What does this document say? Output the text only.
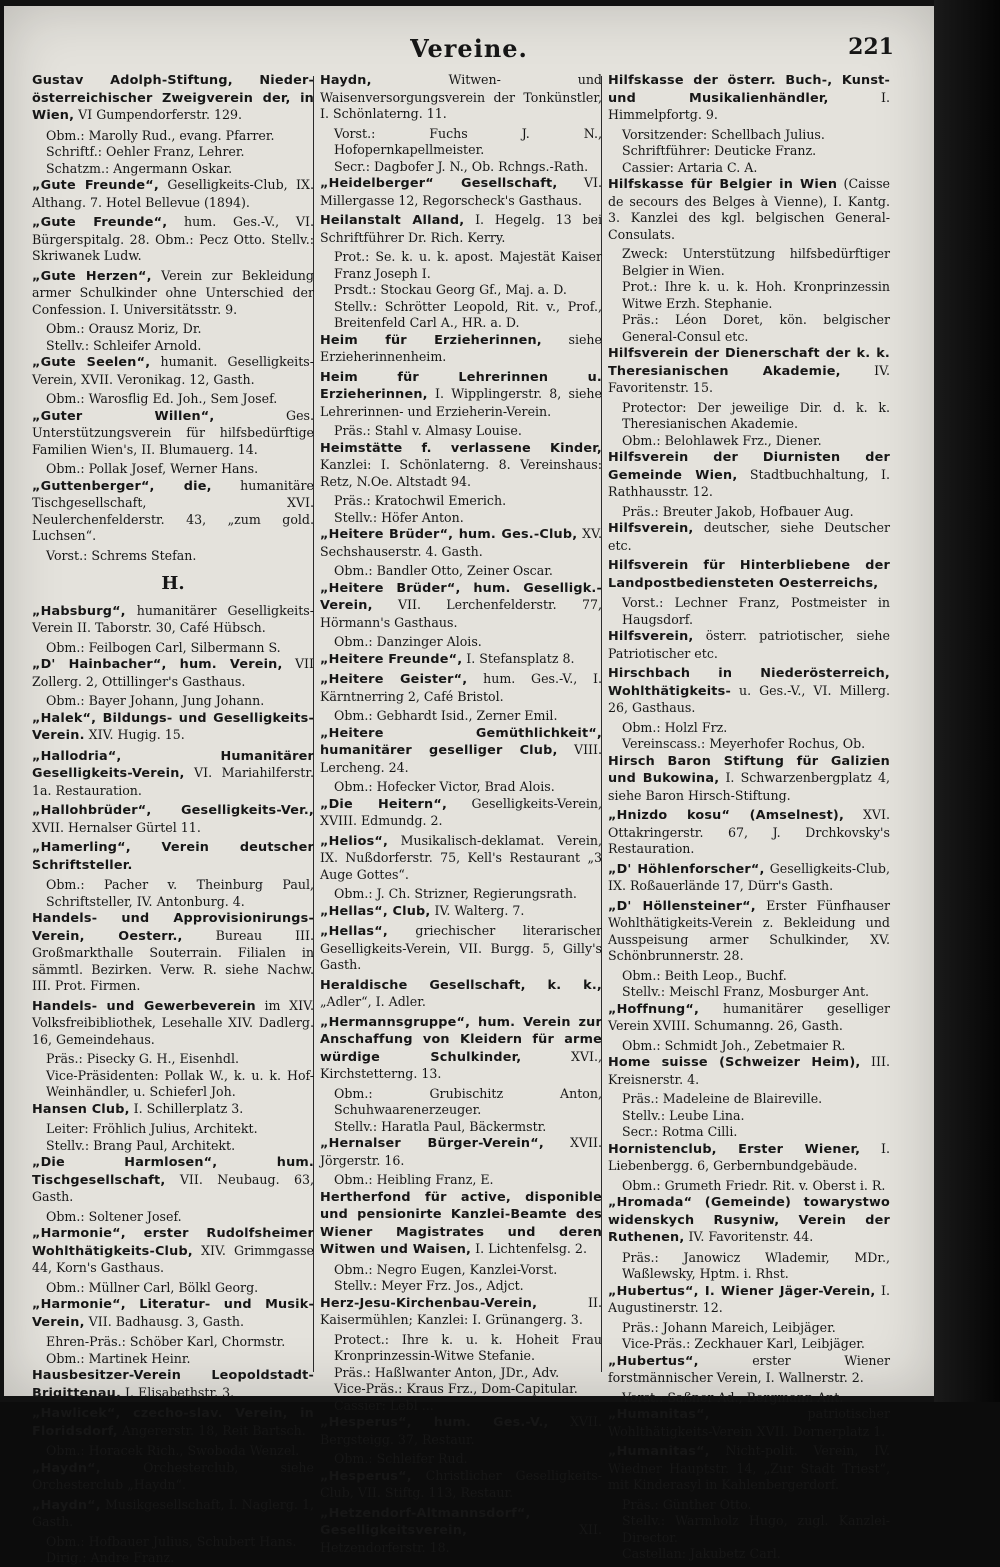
Vereine.	221

Gustav Adolph-Stiftung, Nieder-österreichischer Zweigverein der, in Wien, VI Gumpendorferstr. 129.

Obm.: Marolly Rud., evang. Pfarrer.

Schriftf.: Oehler Franz, Lehrer.

Schatzm.: Angermann Oskar.

„Gute Freunde“, Geselligkeits-Club, IX. Althang. 7. Hotel Bellevue (1894).

„Gute Freunde“, hum. Ges.-V., VI. Bürgerspitalg. 28. Obm.: Pecz Otto. Stellv.: Skriwanek Ludw.

„Gute Herzen“, Verein zur Bekleidung armer Schulkinder ohne Unterschied der Confession. I. Universitätsstr. 9.

Obm.: Orausz Moriz, Dr.

Stellv.: Schleifer Arnold.

„Gute Seelen“, humanit. Geselligkeits-Verein, XVII. Veronikag. 12, Gasth.

Obm.: Warosflig Ed. Joh., Sem Josef.

„Guter Willen“,	Ges. Unterstützungsverein für hilfsbedürftige Familien Wien's, II. Blumauerg. 14.

Obm.: Pollak Josef, Werner Hans.

„Guttenberger“, die, humanitäre Tischgesellschaft, XVI. Neulerchenfelderstr. 43, „zum gold. Luchsen“.

Vorst.: Schrems Stefan.

H.

„Habsburg“, humanitärer Geselligkeits-Verein II. Taborstr. 30, Café Hübsch.

Obm.: Feilbogen Carl, Silbermann S.

„D' Hainbacher“, hum. Verein, VII Zollerg. 2, Ottillinger's Gasthaus.

Obm.: Bayer Johann, Jung Johann.

„Halek“, Bildungs- und Geselligkeits-Verein. XIV. Hugig. 15.

„Hallodria“, Humanitärer Geselligkeits-Verein, VI. Mariahilferstr. 1a. Restauration.

„Hallohbrüder“, Geselligkeits-Ver., XVII. Hernalser Gürtel 11.

„Hamerling“, Verein deutscher Schriftsteller.

Obm.: Pacher v. Theinburg Paul, Schriftsteller, IV. Antonburg. 4.

Handels- und Approvisionirungs-Verein, Oesterr.,	Bureau III. Großmarkthalle Souterrain. Filialen in sämmtl. Bezirken. Verw. R. siehe Nachw. III. Prot. Firmen.

Handels- und Gewerbeverein im XIV. Volksfreibibliothek, Lesehalle XIV. Dadlerg. 16, Gemeindehaus.

Präs.: Pisecky G. H., Eisenhdl.

Vice-Präsidenten: Pollak W., k. u. k. Hof-Weinhändler, u. Schieferl Joh.

Hansen Club, I. Schillerplatz 3.

Leiter: Fröhlich Julius, Architekt.

Stellv.: Brang Paul, Architekt.

„Die Harmlosen“, hum. Tischgesellschaft, VII. Neubaug. 63, Gasth.

Obm.: Soltener Josef.

„Harmonie“, erster Rudolfsheimer Wohlthätigkeits-Club, XIV. Grimmgasse 44, Korn's Gasthaus.

Obm.: Müllner Carl, Bölkl Georg.

„Harmonie“, Literatur- und Musik-Verein, VII. Badhausg. 3, Gasth.

Ehren-Präs.: Schöber Karl, Chormstr.

Obm.: Martinek Heinr.

Hausbesitzer-Verein Leopoldstadt-Brigittenau, I. Elisabethstr. 3.

„Hawlicek“, czecho-slav. Verein, in Floridsdorf, Angererstr. 18, Reit Bartsch.

Obm.: Horacek Rich., Swoboda Wenzel.

„Haydn“,	Orchesterclub, siehe Orchesterclub „Haydn“.

„Haydn“, Musikgesellschaft, I. Naglerg. 1, Gasth.

Obm.: Hofbauer Julius, Schubert Hans.

Dirig.: Andre Franz.

Haydn,	Witwen- und Waisenversorgungsverein der Tonkünstler, I. Schönlaterng. 11.

Vorst.: Fuchs J. N., Hofopernkapellmeister.

Secr.: Dagbofer J. N., Ob. Rchngs.-Rath.

„Heidelberger“ Gesellschaft, VI. Millergasse 12, Regorscheck's Gasthaus.

Heilanstalt Alland, I. Hegelg. 13 bei Schriftführer Dr. Rich. Kerry.

Prot.: Se. k. u. k. apost. Majestät Kaiser Franz Joseph I.

Prsdt.: Stockau Georg Gf., Maj. a. D.

Stellv.: Schrötter Leopold, Rit. v., Prof., Breitenfeld Carl A., HR. a. D.

Heim für Erzieherinnen, siehe Erzieherinnenheim.

Heim für Lehrerinnen u. Erzieherinnen, I. Wipplingerstr. 8, siehe Lehrerinnen- und Erzieherin-Verein.

Präs.: Stahl v. Almasy Louise.

Heimstätte f. verlassene Kinder, Kanzlei: I. Schönlaterng. 8. Vereinshaus: Retz, N.Oe. Altstadt 94.

Präs.: Kratochwil Emerich.

Stellv.: Höfer Anton.

„Heitere Brüder“, hum. Ges.-Club, XV. Sechshauserstr. 4. Gasth.

Obm.: Bandler Otto, Zeiner Oscar.

„Heitere Brüder“, hum. Geselligk.-Verein, VII. Lerchenfelderstr. 77, Hörmann's Gasthaus.

Obm.: Danzinger Alois.

„Heitere Freunde“, I. Stefansplatz 8.

„Heitere Geister“, hum. Ges.-V., I. Kärntnerring 2, Café Bristol.

Obm.: Gebhardt Isid., Zerner Emil.

„Heitere Gemüthlichkeit“, humanitärer geselliger Club, VIII. Lercheng. 24.

Obm.: Hofecker Victor, Brad Alois.

„Die Heitern“, Geselligkeits-Verein, XVIII. Edmundg. 2.

„Helios“, Musikalisch-deklamat. Verein, IX. Nußdorferstr. 75, Kell's Restaurant „3 Auge Gottes“.

Obm.: J. Ch. Strizner, Regierungsrath.

„Hellas“, Club, IV. Walterg. 7.

„Hellas“, griechischer literarischer Geselligkeits-Verein, VII. Burgg. 5, Gilly's Gasth.

Heraldische Gesellschaft, k. k., „Adler“, I. Adler.

„Hermannsgruppe“, hum. Verein zur Anschaffung von Kleidern für arme würdige Schulkinder,	XVI., Kirchstetterng. 13.

Obm.: Grubischitz Anton, Schuhwaarenerzeuger.

Stellv.: Haratla Paul, Bäckermstr.

„Hernalser Bürger-Verein“, XVII. Jörgerstr. 16.

Obm.: Heibling Franz, E.

Hertherfond für active, disponible und pensionirte Kanzlei-Beamte des Wiener Magistrates und deren Witwen und Waisen, I. Lichtenfelsg. 2.

Obm.: Negro Eugen, Kanzlei-Vorst.

Stellv.: Meyer Frz. Jos., Adjct.

Herz-Jesu-Kirchenbau-Verein,	II. Kaisermühlen; Kanzlei: I. Grünangerg. 3.

Protect.: Ihre k. u. k. Hoheit Frau Kronprinzessin-Witwe Stefanie.

Präs.: Haßlwanter Anton, JDr., Adv.

Vice-Präs.: Kraus Frz., Dom-Capitular.

Cassier: Lebl ...

„Hesperus“, hum. Ges.-V., XVII. Bergsteigg. 37, Restaur.

Obm.: Schleifer Rud.

„Hesperus“, Christlicher Geselligkeits-Club, VII. Stiftg. 113, Restaur.

„Hetzendorf-Altmannsdorf“, Geselligkeitsverein,	XII. Hetzendorferstr. 18.

Hilfskasse der österr. Buch-, Kunst- und Musikalienhändler,	I. Himmelpfortg. 9.

Vorsitzender: Schellbach Julius.

Schriftführer: Deuticke Franz.

Cassier: Artaria C. A.

Hilfskasse für Belgier in Wien (Caisse de secours des Belges à Vienne), I. Kantg. 3. Kanzlei des kgl. belgischen General-Consulats.

Zweck: Unterstützung hilfsbedürftiger Belgier in Wien.

Prot.: Ihre k. u. k. Hoh. Kronprinzessin Witwe Erzh. Stephanie.

Präs.: Léon Doret, kön. belgischer General-Consul etc.

Hilfsverein der Dienerschaft der k. k. Theresianischen Akademie,	IV. Favoritenstr. 15.

Protector: Der jeweilige Dir. d. k. k. Theresianischen Akademie.

Obm.: Belohlawek Frz., Diener.

Hilfsverein der Diurnisten der Gemeinde Wien, Stadtbuchhaltung, I. Rathhausstr. 12.

Präs.: Breuter Jakob, Hofbauer Aug.

Hilfsverein, deutscher, siehe Deutscher etc.

Hilfsverein für Hinterbliebene der Landpostbediensteten Oesterreichs,

Vorst.: Lechner Franz, Postmeister in Haugsdorf.

Hilfsverein, österr. patriotischer, siehe Patriotischer etc.

Hirschbach in Niederösterreich, Wohlthätigkeits- u. Ges.-V., VI. Millerg. 26, Gasthaus.

Obm.: Holzl Frz.

Vereinscass.: Meyerhofer Rochus, Ob.

Hirsch Baron Stiftung für Galizien und Bukowina, I. Schwarzenbergplatz 4, siehe Baron Hirsch-Stiftung.

„Hnizdo kosu“ (Amselnest), XVI. Ottakringerstr. 67, J. Drchkovsky's Restauration.

„D' Höhlenforscher“, Geselligkeits-Club, IX. Roßauerlände 17, Dürr's Gasth.

„D' Höllensteiner“, Erster Fünfhauser Wohlthätigkeits-Verein z. Bekleidung und Ausspeisung armer Schulkinder, XV. Schönbrunnerstr. 28.

Obm.: Beith Leop., Buchf.

Stellv.: Meischl Franz, Mosburger Ant.

„Hoffnung“, humanitärer geselliger Verein XVIII. Schumanng. 26, Gasth.

Obm.: Schmidt Joh., Zebetmaier R.

Home suisse (Schweizer Heim), III. Kreisnerstr. 4.

Präs.: Madeleine de Blaireville.

Stellv.: Leube Lina.

Secr.: Rotma Cilli.

Hornistenclub, Erster Wiener, I. Liebenbergg. 6, Gerbernbundgebäude.

Obm.: Grumeth Friedr. Rit. v. Oberst i. R.

„Hromada“ (Gemeinde) towarystwo widenskych Rusyniw, Verein der Ruthenen, IV. Favoritenstr. 44.

Präs.: Janowicz Wlademir, MDr., Waßlewsky, Hptm. i. Rhst.

„Hubertus“, I. Wiener Jäger-Verein, I. Augustinerstr. 12.

Präs.: Johann Mareich, Leibjäger.

Vice-Präs.: Zeckhauer Karl, Leibjäger.

„Hubertus“,	erster Wiener forstmännischer Verein, I. Wallnerstr. 2.

Vorst.: Saßner Ad., Bergmann Ant.

„Humanitas“,	patriotischer Wohlthätigkeits-Verein XVII. Dornerplatz 1.

„Humanitas“, Nicht-polit. Verein, IV. Wiedner Hauptstr. 14, „Zur Stadt Triest“, mit Kinderasyl in Kahlenbergerdorf.

Präs.: Günther Otto.

Stellv.: Warmholz Hugo, zugl. Kanzlei-Director.

Castellan: Jakubetz Carl.
